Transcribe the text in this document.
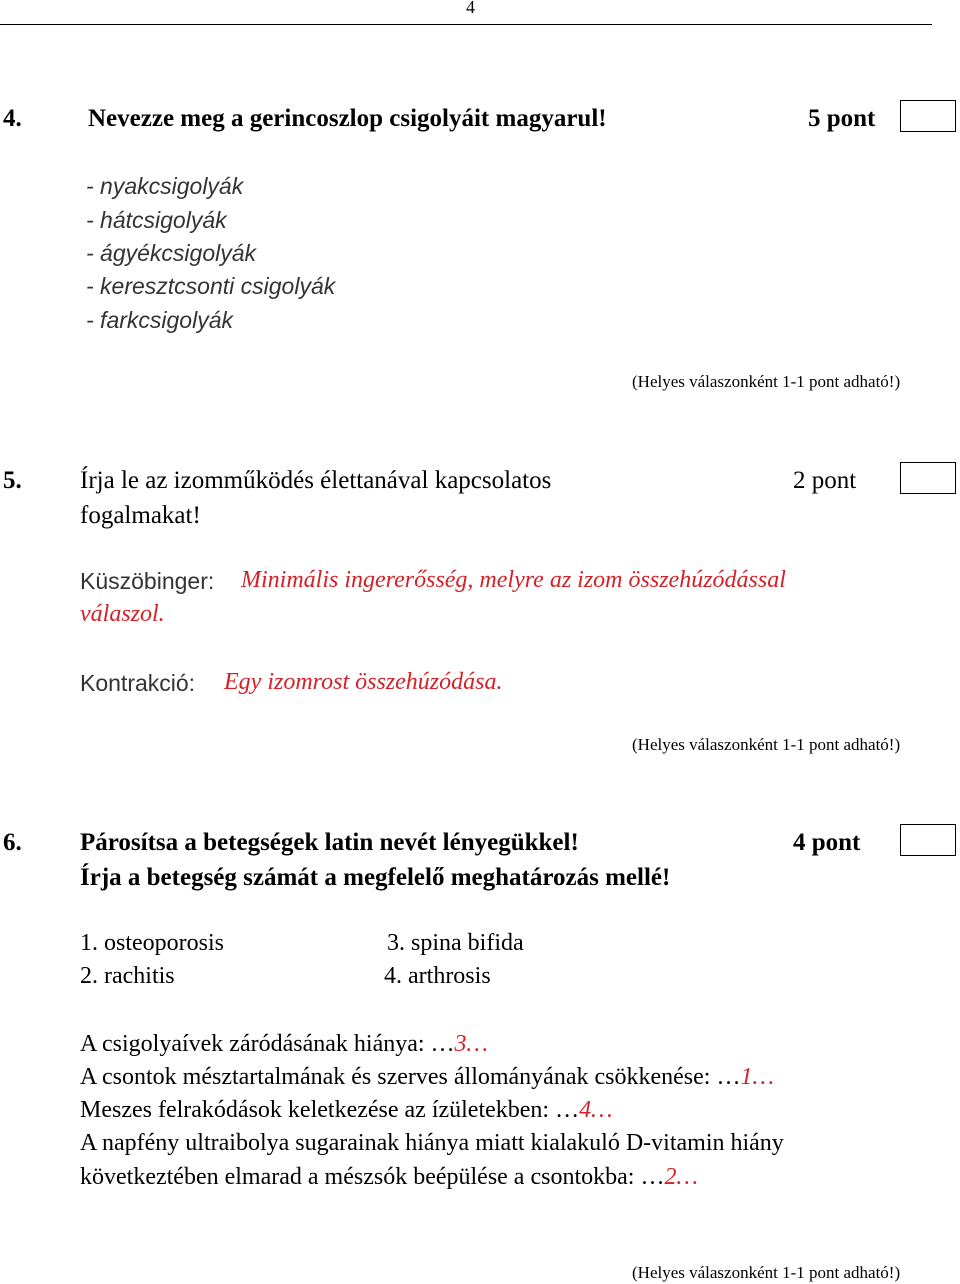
4
4.	Nevezze meg a gerincoszlop csigolyáit magyarul!	5 pont
- nyakcsigolyák
- hátcsigolyák
- ágyékcsigolyák
- keresztcsonti csigolyák
- farkcsigolyák
(Helyes válaszonként 1-1 pont adható!)
5. Írja le az izomműködés élettanával kapcsolatos
fogalmakat!
2 pont
Küszöbinger: Minimális ingererősség, melyre az izom összehúzódással
válaszol.
Kontrakció: Egy izomrost összehúzódása.
(Helyes válaszonként 1-1 pont adható!)
6. Párosítsa a betegségek latin nevét lényegükkel!
Írja a betegség számát a megfelelő meghatározás mellé!
4 pont
1. osteoporosis	3. spina bifida
2. rachitis	4. arthrosis
A csigolyaívek záródásának hiánya: …3…
A csontok mésztartalmának és szerves állományának csökkenése: …1…
Meszes felrakódások keletkezése az ízületekben: …4…
A napfény ultraibolya sugarainak hiánya miatt kialakuló D-vitamin hiány
következtében elmarad a mészsók beépülése a csontokba: …2…
(Helyes válaszonként 1-1 pont adható!)
